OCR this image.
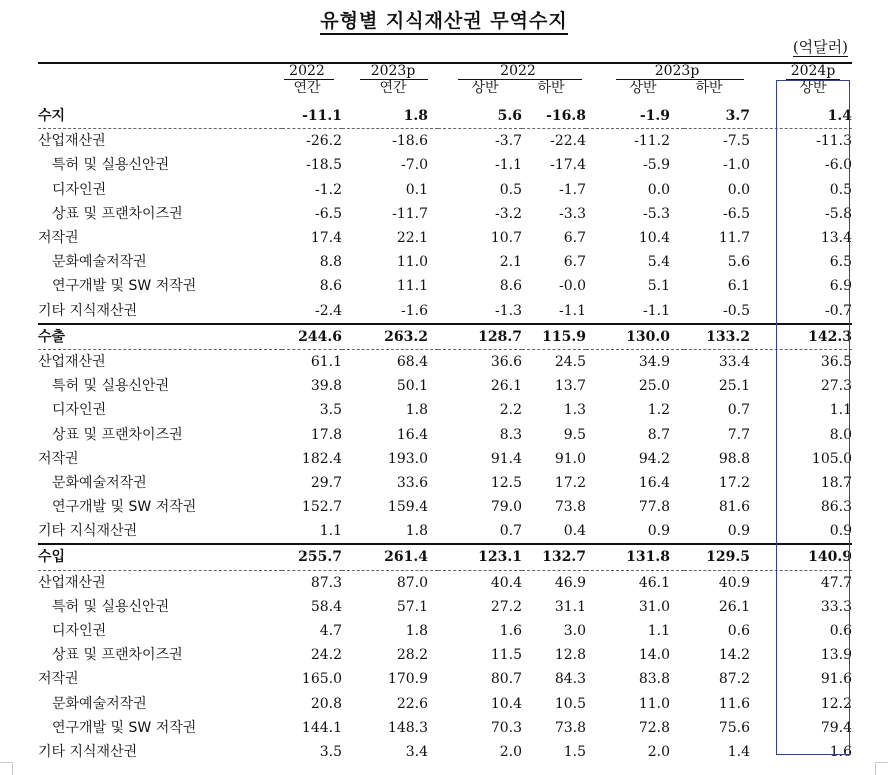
유형별 지식재산권 무역수지
(억달러)
2022	2023p	2022	2023p	2024p
연간	연간	상반	하반	상반	하반	상반
수지	-11.1	1.8	5.6	-16.8	-1.9	3.7	1.4
산업재산권	-26.2	-18.6	-3.7	-22.4	-11.2	-7.5	-11.3
특허 및 실용신안권	-18.5	-7.0	-1.1	-17.4	-5.9	-1.0	-6.0
디자인권	-1.2	0.1	0.5	-1.7	0.0	0.0	0.5
상표 및 프랜차이즈권	-6.5	-11.7	-3.2	-3.3	-5.3	-6.5	-5.8
저작권	17.4	22.1	10.7	6.7	10.4	11.7	13.4
문화예술저작권	8.8	11.0	2.1	6.7	5.4	5.6	6.5
연구개발 및 SW 저작권	8.6	11.1	8.6	-0.0	5.1	6.1	6.9
기타 지식재산권	-2.4	-1.6	-1.3	-1.1	-1.1	-0.5	-0.7
수출	244.6	263.2	128.7	115.9	130.0	133.2	142.3
산업재산권	61.1	68.4	36.6	24.5	34.9	33.4	36.5
특허 및 실용신안권	39.8	50.1	26.1	13.7	25.0	25.1	27.3
디자인권	3.5	1.8	2.2	1.3	1.2	0.7	1.1
상표 및 프랜차이즈권	17.8	16.4	8.3	9.5	8.7	7.7	8.0
저작권	182.4	193.0	91.4	91.0	94.2	98.8	105.0
문화예술저작권	29.7	33.6	12.5	17.2	16.4	17.2	18.7
연구개발 및 SW 저작권	152.7	159.4	79.0	73.8	77.8	81.6	86.3
기타 지식재산권	1.1	1.8	0.7	0.4	0.9	0.9	0.9
수입	255.7	261.4	123.1	132.7	131.8	129.5	140.9
산업재산권	87.3	87.0	40.4	46.9	46.1	40.9	47.7
특허 및 실용신안권	58.4	57.1	27.2	31.1	31.0	26.1	33.3
디자인권	4.7	1.8	1.6	3.0	1.1	0.6	0.6
상표 및 프랜차이즈권	24.2	28.2	11.5	12.8	14.0	14.2	13.9
저작권	165.0	170.9	80.7	84.3	83.8	87.2	91.6
문화예술저작권	20.8	22.6	10.4	10.5	11.0	11.6	12.2
연구개발 및 SW 저작권	144.1	148.3	70.3	73.8	72.8	75.6	79.4
기타 지식재산권	3.5	3.4	2.0	1.5	2.0	1.4	1.6
